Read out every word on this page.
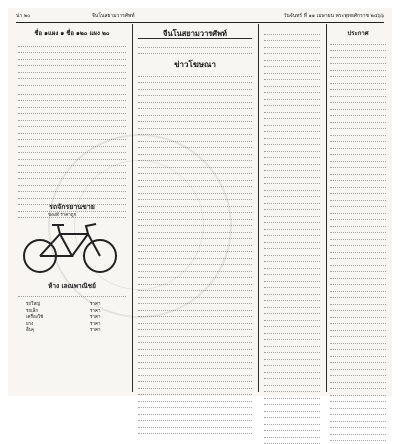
น่า ๒๐	จีนโนสยามวารศัพท์	วันจันทร์ ที่ ๑๑ เมษายน พระพุทธศักราช ๒๔๖๖
ชื่อ ๑แผง ๑ ชื่อ ๑๒๐ แผง ๒๐
รถจักรยานขาย
ของดี ราคาถูก
ห้าง เลณพาณิชย์
รถใหญ่	ราคา
รถเล็ก	ราคา
เครื่องใช้	ราคา
ยาง	ราคา
อื่นๆ	ราคา
จีนโนสยามวารศัพท์
ข่าวโฆษณา
ประกาศ
